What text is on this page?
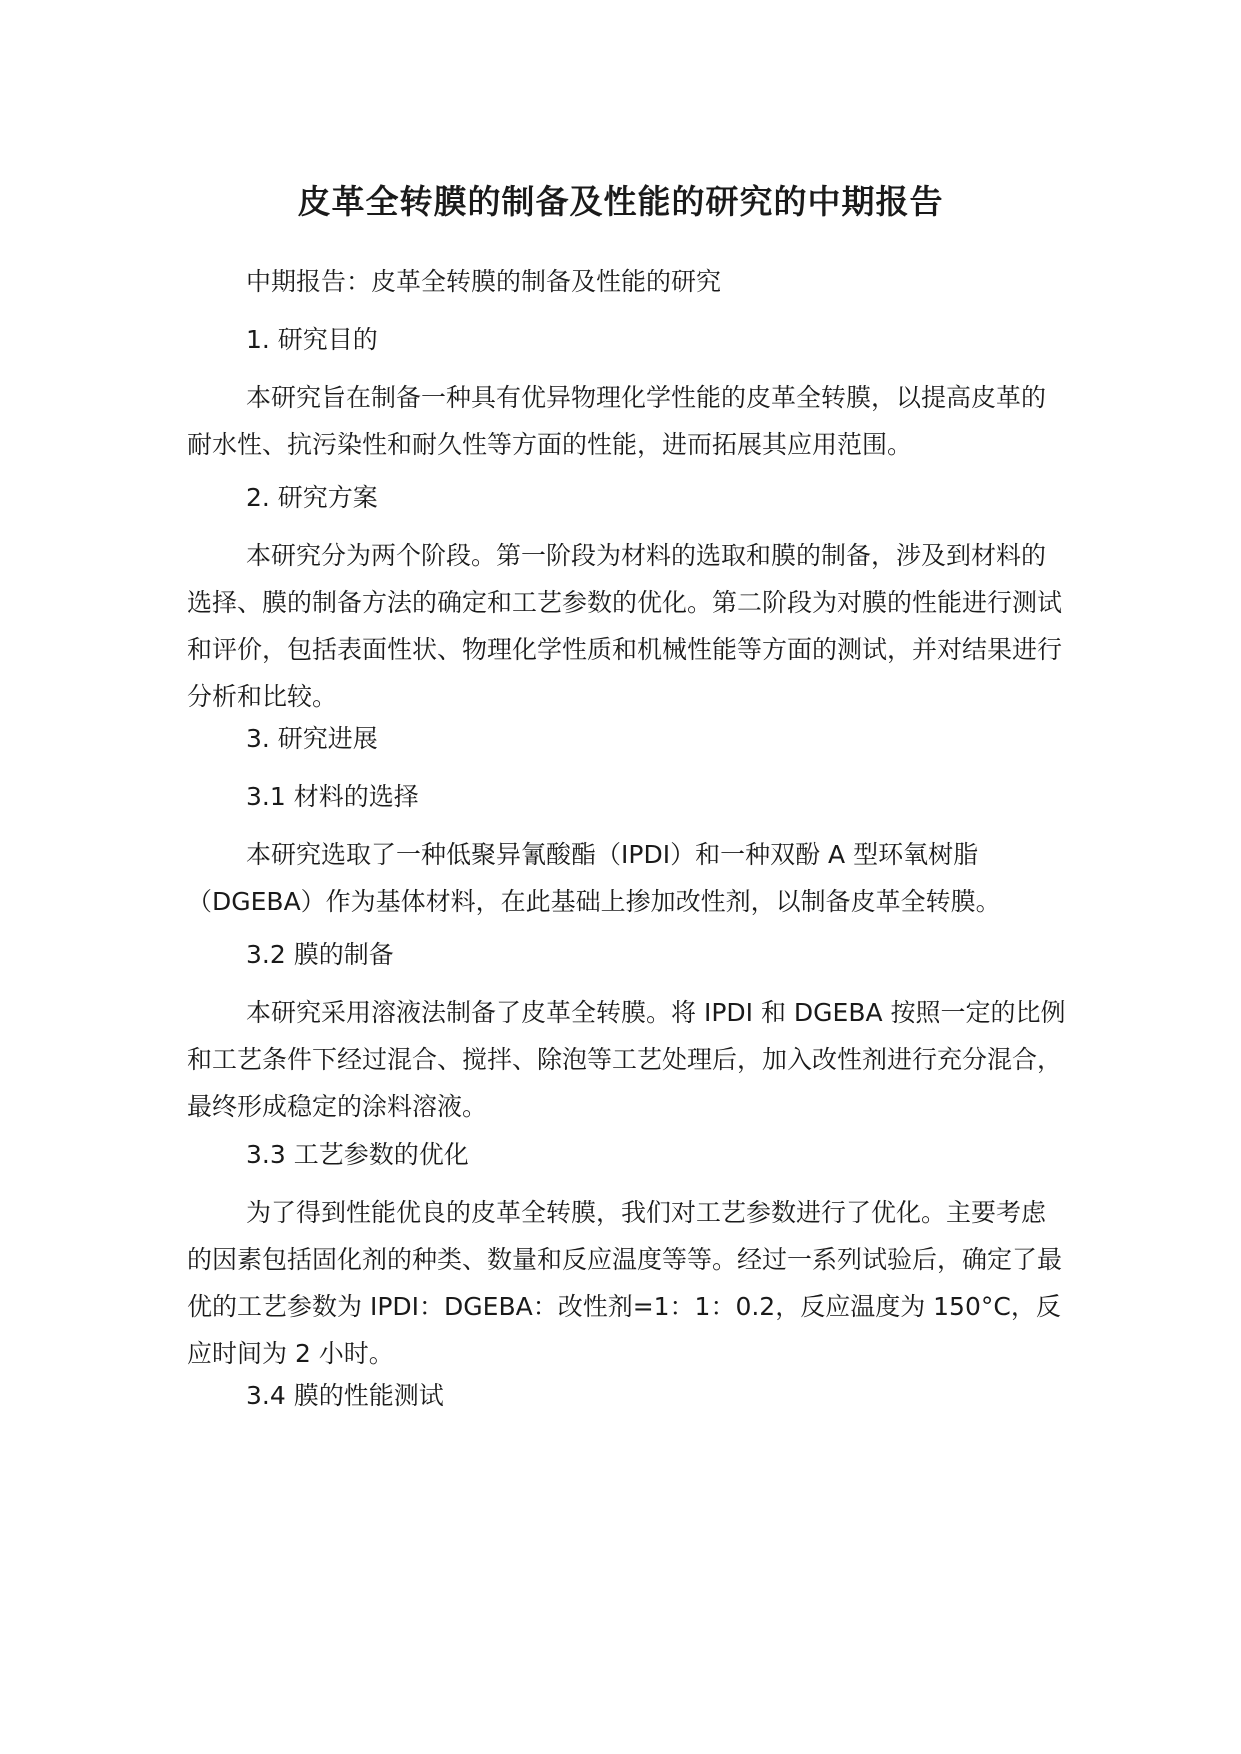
皮革全转膜的制备及性能的研究的中期报告

中期报告：皮革全转膜的制备及性能的研究

1. 研究目的

本研究旨在制备一种具有优异物理化学性能的皮革全转膜，以提高皮革的耐水性、抗污染性和耐久性等方面的性能，进而拓展其应用范围。

2. 研究方案

本研究分为两个阶段。第一阶段为材料的选取和膜的制备，涉及到材料的选择、膜的制备方法的确定和工艺参数的优化。第二阶段为对膜的性能进行测试和评价，包括表面性状、物理化学性质和机械性能等方面的测试，并对结果进行分析和比较。

3. 研究进展

3.1 材料的选择

本研究选取了一种低聚异氰酸酯（IPDI）和一种双酚 A 型环氧树脂（DGEBA）作为基体材料，在此基础上掺加改性剂，以制备皮革全转膜。

3.2 膜的制备

本研究采用溶液法制备了皮革全转膜。将 IPDI 和 DGEBA 按照一定的比例和工艺条件下经过混合、搅拌、除泡等工艺处理后，加入改性剂进行充分混合，最终形成稳定的涂料溶液。

3.3 工艺参数的优化

为了得到性能优良的皮革全转膜，我们对工艺参数进行了优化。主要考虑的因素包括固化剂的种类、数量和反应温度等等。经过一系列试验后，确定了最优的工艺参数为 IPDI：DGEBA：改性剂=1：1：0.2，反应温度为 150°C，反应时间为 2 小时。

3.4 膜的性能测试
